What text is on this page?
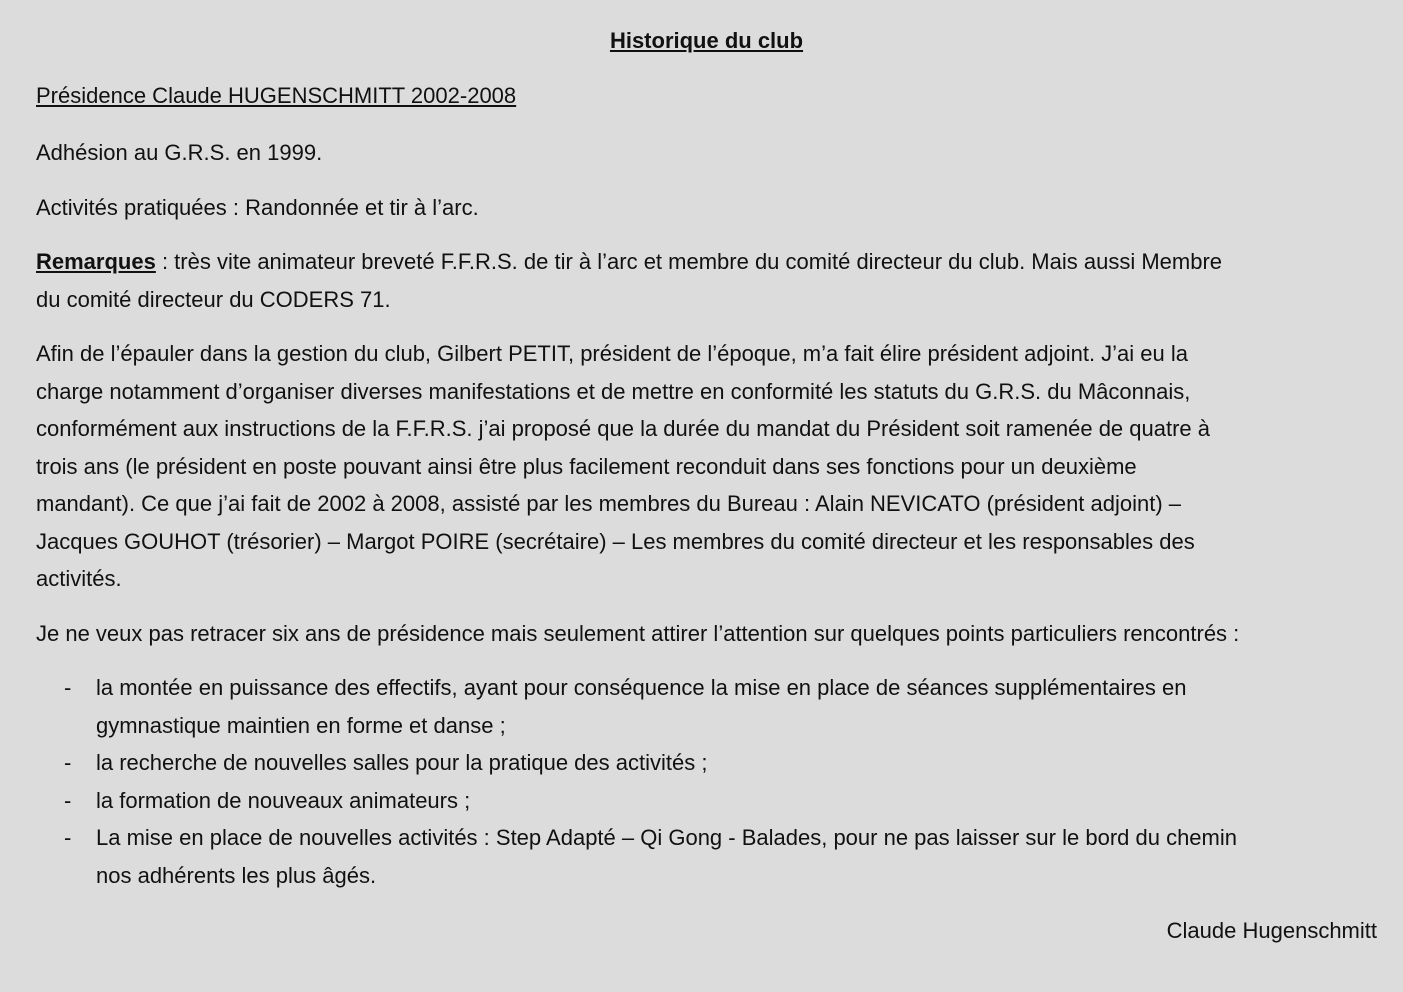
Historique du club
Présidence Claude HUGENSCHMITT 2002-2008
Adhésion au G.R.S. en 1999.
Activités pratiquées : Randonnée et tir à l’arc.
Remarques : très vite animateur breveté F.F.R.S. de tir à l’arc et membre du comité directeur du club. Mais aussi Membre
du comité directeur du CODERS 71.
Afin de l’épauler dans la gestion du club, Gilbert PETIT, président de l’époque, m’a fait élire président adjoint. J’ai eu la
charge notamment d’organiser diverses manifestations et de mettre en conformité les statuts du G.R.S. du Mâconnais,
conformément aux instructions de la F.F.R.S. j’ai proposé que la durée du mandat du Président soit ramenée de quatre à
trois ans (le président en poste pouvant ainsi être plus facilement reconduit dans ses fonctions pour un deuxième
mandant). Ce que j’ai fait de 2002 à 2008, assisté par les membres du Bureau : Alain NEVICATO (président adjoint) –
Jacques GOUHOT (trésorier) – Margot POIRE (secrétaire) – Les membres du comité directeur et les responsables des
activités.
Je ne veux pas retracer six ans de présidence mais seulement attirer l’attention sur quelques points particuliers rencontrés :
-	la montée en puissance des effectifs, ayant pour conséquence la mise en place de séances supplémentaires en
gymnastique maintien en forme et danse ;
-	la recherche de nouvelles salles pour la pratique des activités ;
-	la formation de nouveaux animateurs ;
-	La mise en place de nouvelles activités : Step Adapté – Qi Gong - Balades, pour ne pas laisser sur le bord du chemin
nos adhérents les plus âgés.
Claude Hugenschmitt
